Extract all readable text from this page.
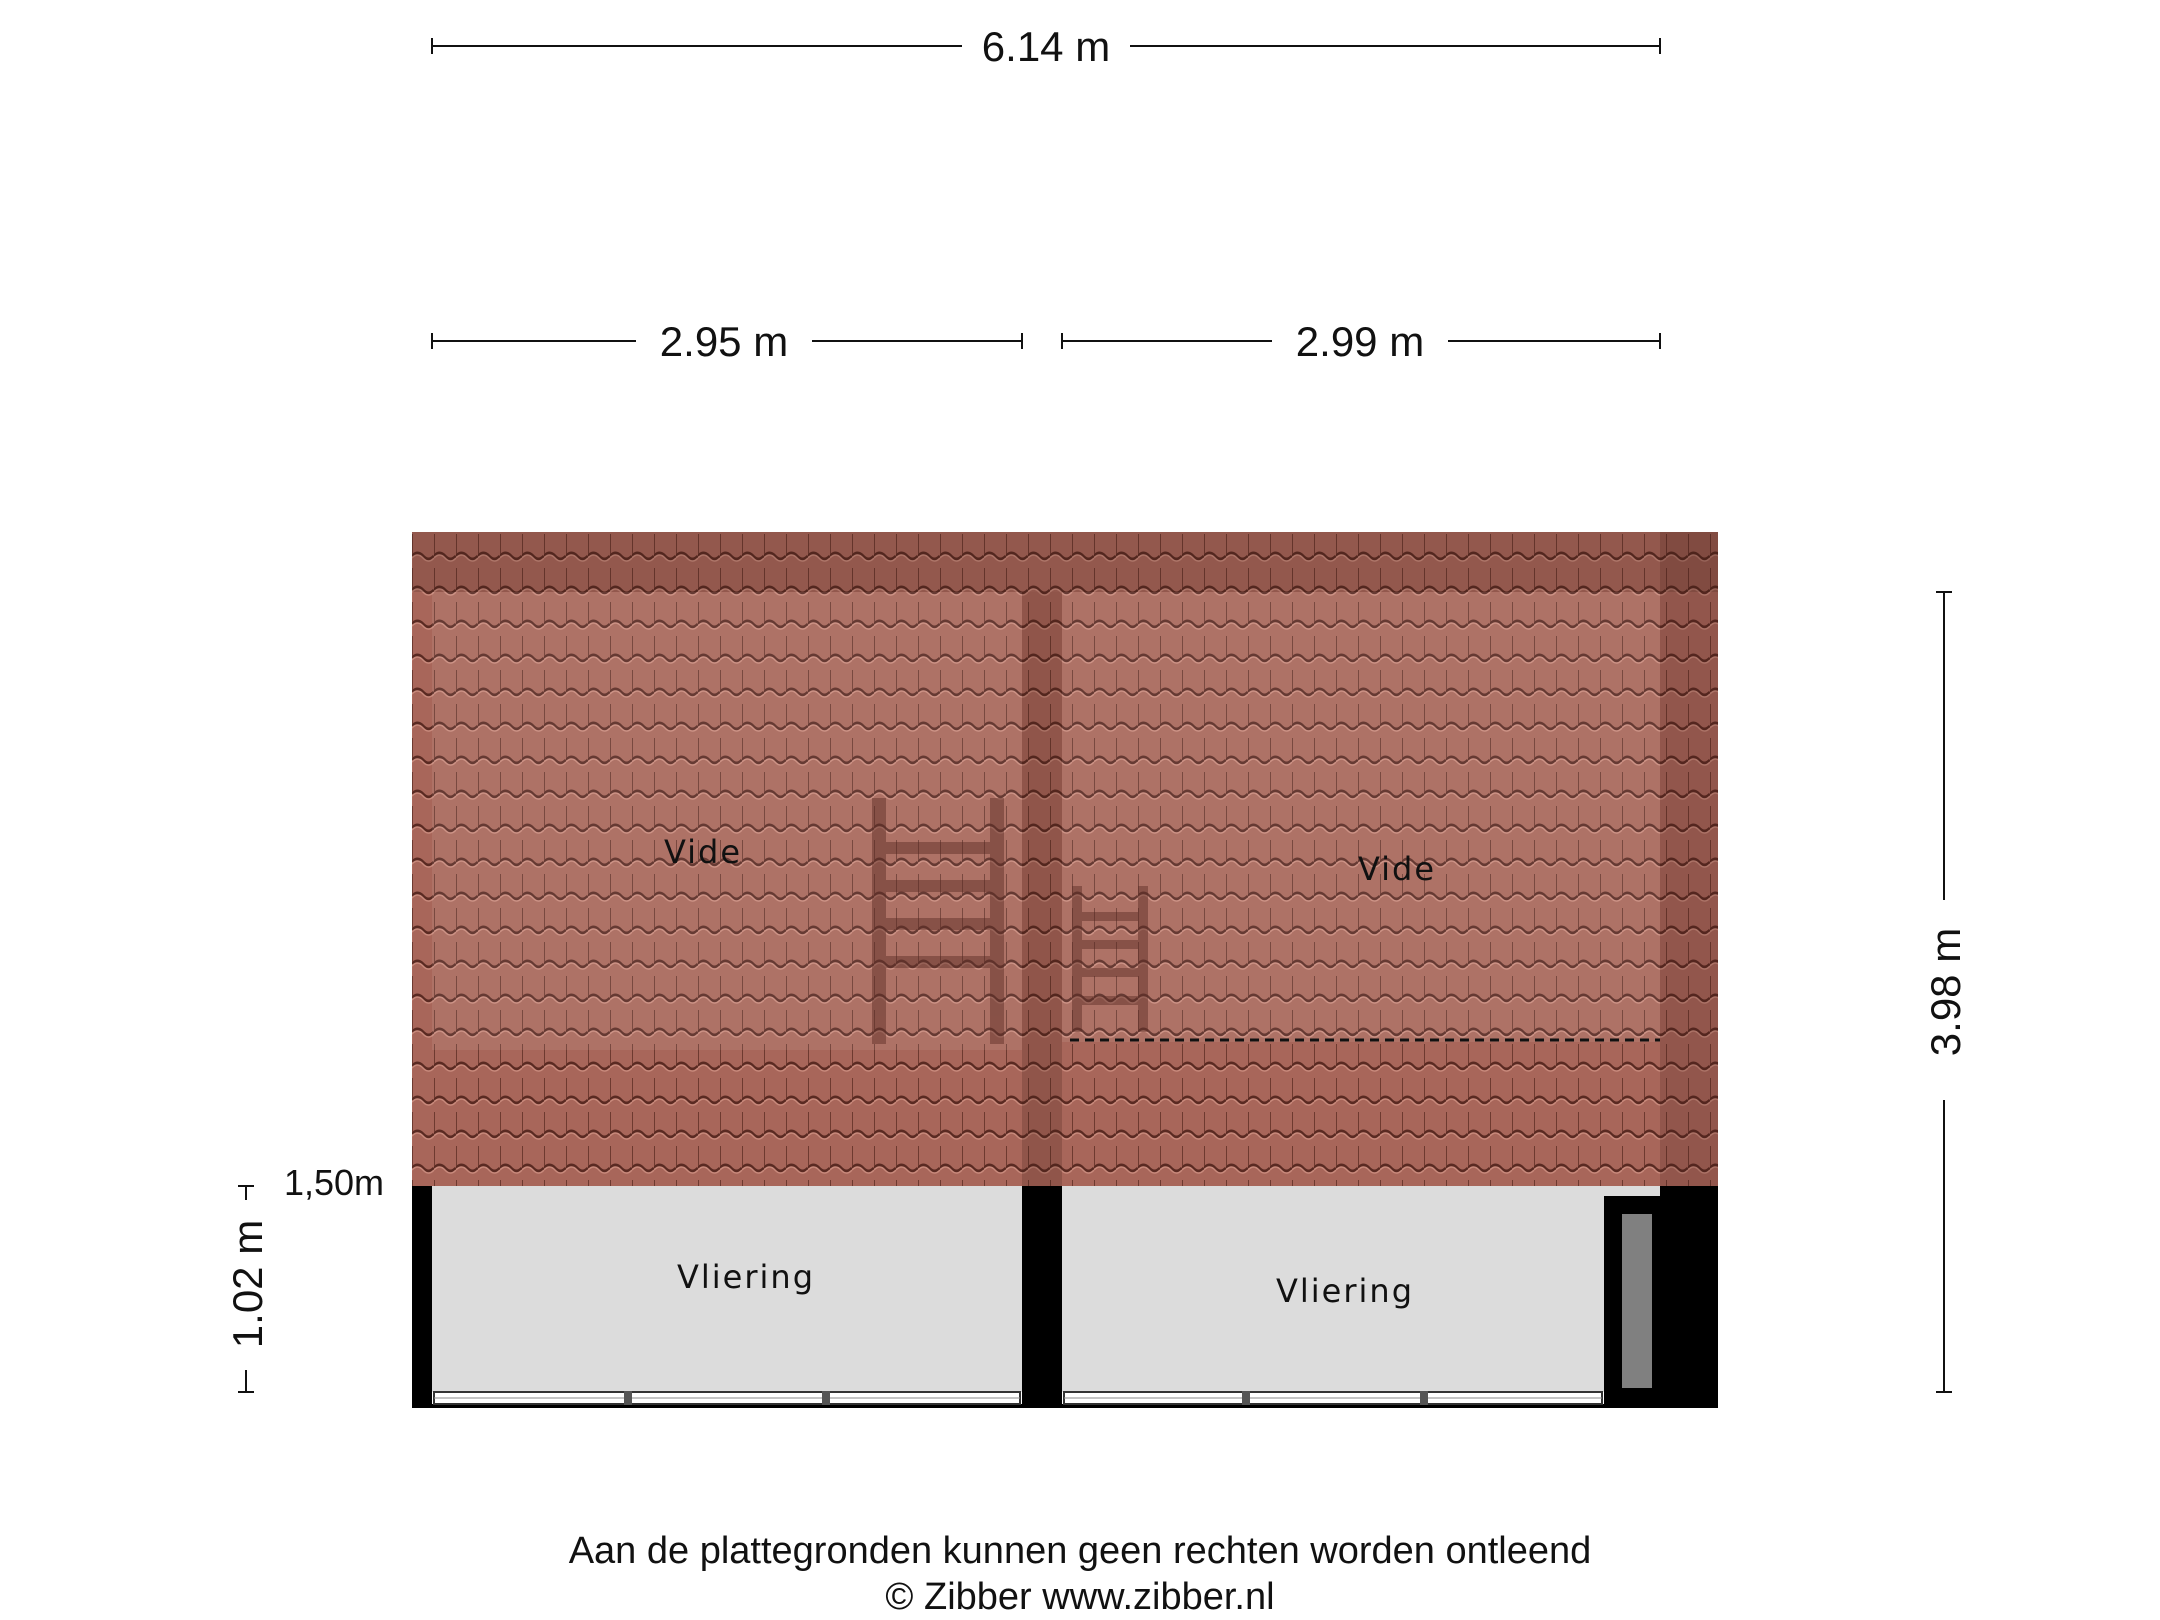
6.14 m
2.95 m	2.99 m
3.98 m
1.02 m
1,50m
Vide	Vide
Vliering	Vliering
Aan de plattegronden kunnen geen rechten worden ontleend
© Zibber www.zibber.nl
